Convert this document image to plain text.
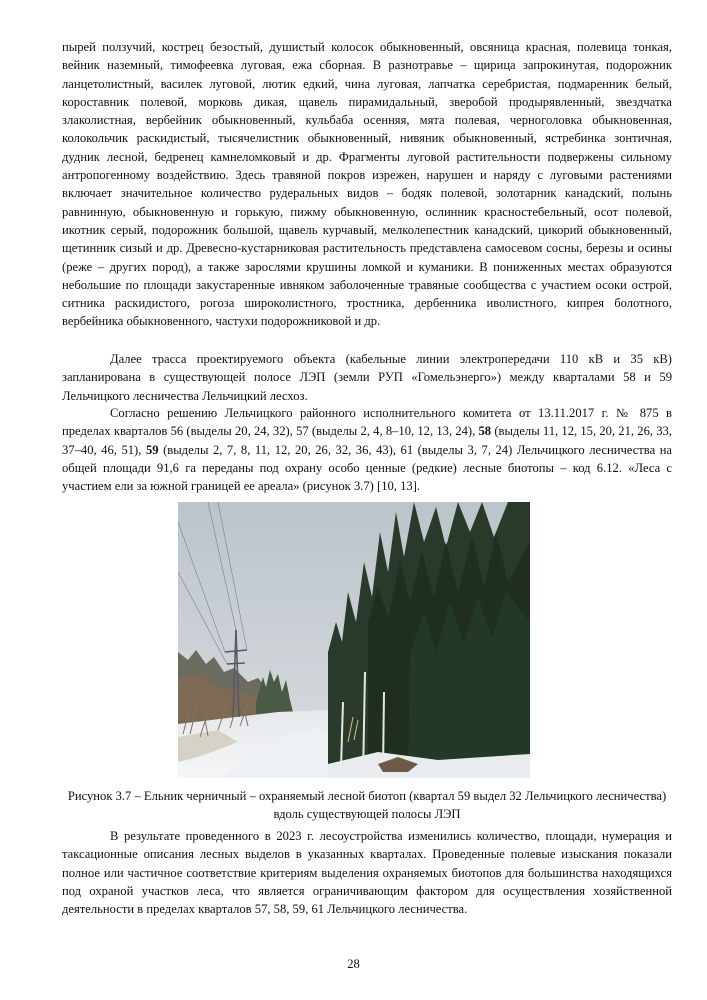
пырей ползучий, кострец безостый, душистый колосок обыкновенный, овсяница красная, полевица тонкая, вейник наземный, тимофеевка луговая, ежа сборная. В разнотравье – щирица запрокинутая, подорожник ланцетолистный, василек луговой, лютик едкий, чина луговая, лапчатка серебристая, подмаренник белый, короставник полевой, морковь дикая, щавель пирамидальный, зверобой продырявленный, звездчатка злаколистная, вербейник обыкновенный, кульбаба осенняя, мята полевая, черноголовка обыкновенная, колокольчик раскидистый, тысячелистник обыкновенный, нивяник обыкновенный, ястребинка зонтичная, дудник лесной, бедренец камнеломковый и др. Фрагменты луговой растительности подвержены сильному антропогенному воздействию. Здесь травяной покров изрежен, нарушен и наряду с луговыми растениями включает значительное количество рудеральных видов – бодяк полевой, золотарник канадский, полынь равнинную, обыкновенную и горькую, пижму обыкновенную, ослинник красностебельный, осот полевой, икотник серый, подорожник большой, щавель курчавый, мелколепестник канадский, цикорий обыкновенный, щетинник сизый и др. Древесно-кустарниковая растительность представлена самосевом сосны, березы и осины (реже – других пород), а также зарослями крушины ломкой и куманики. В пониженных местах образуются небольшие по площади закустаренные ивняком заболоченные травяные сообщества с участием осоки острой, ситника раскидистого, рогоза широколистного, тростника, дербенника иволистного, кипрея болотного, вербейника обыкновенного, частухи подорожниковой и др.

Далее трасса проектируемого объекта (кабельные линии электропередачи 110 кВ и 35 кВ) запланирована в существующей полосе ЛЭП (земли РУП «Гомельэнерго») между кварталами 58 и 59 Лельчицкого лесничества Лельчицкий лесхоз.

Согласно решению Лельчицкого районного исполнительного комитета от 13.11.2017 г. № 875 в пределах кварталов 56 (выделы 20, 24, 32), 57 (выделы 2, 4, 8–10, 12, 13, 24), 58 (выделы 11, 12, 15, 20, 21, 26, 33, 37–40, 46, 51), 59 (выделы 2, 7, 8, 11, 12, 20, 26, 32, 36, 43), 61 (выделы 3, 7, 24) Лельчицкого лесничества на общей площади 91,6 га переданы под охрану особо ценные (редкие) лесные биотопы – код 6.12. «Леса с участием ели за южной границей ее ареала» (рисунок 3.7) [10, 13].

Рисунок 3.7 – Ельник черничный – охраняемый лесной биотоп (квартал 59 выдел 32 Лельчицкого лесничества) вдоль существующей полосы ЛЭП

В результате проведенного в 2023 г. лесоустройства изменились количество, площади, нумерация и таксационные описания лесных выделов в указанных кварталах. Проведенные полевые изыскания показали полное или частичное соответствие критериям выделения охраняемых биотопов для большинства находящихся под охраной участков леса, что является ограничивающим фактором для осуществления хозяйственной деятельности в пределах кварталов 57, 58, 59, 61 Лельчицкого лесничества.

28
